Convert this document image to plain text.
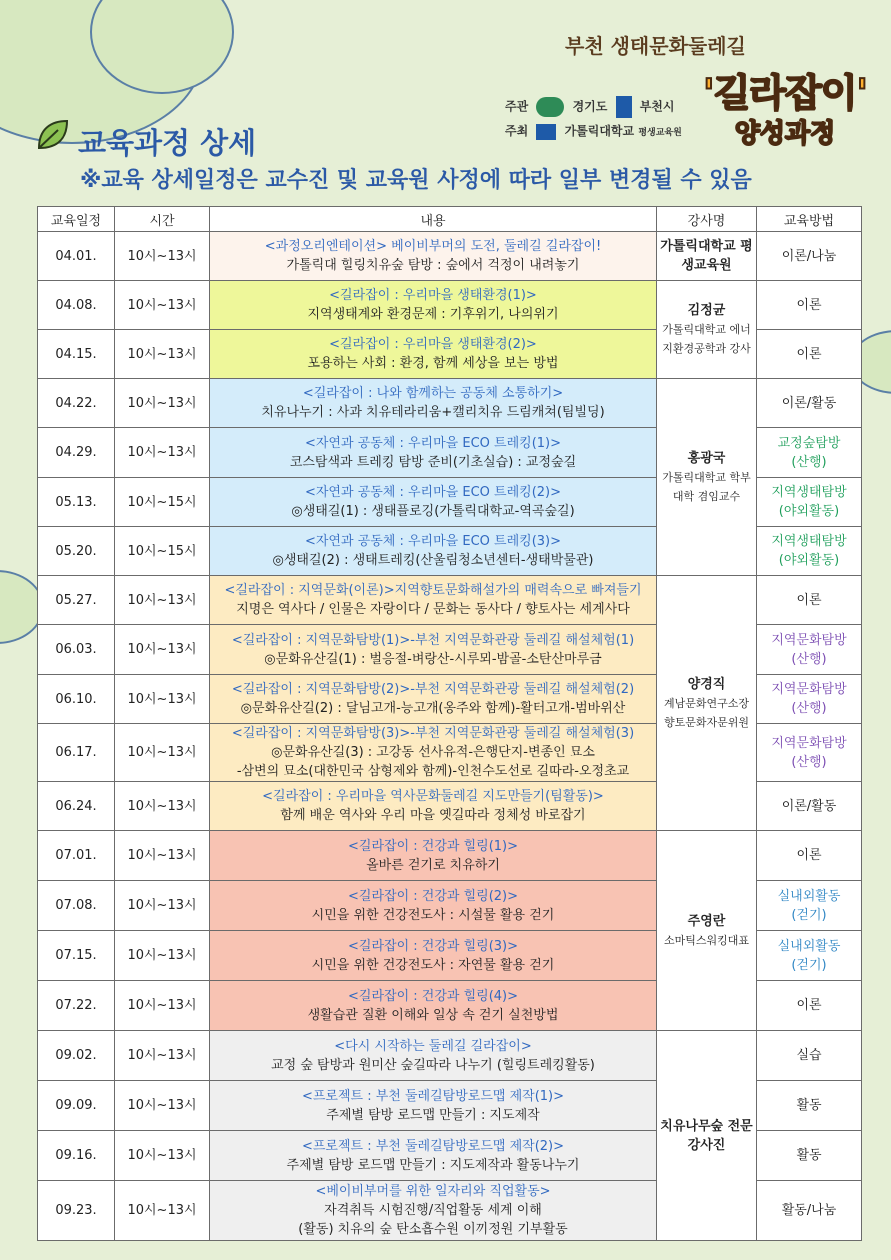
부천 생태문화둘레길
'길라잡이'
양성과정
주관	경기도	부천시
주최	가톨릭대학교 평생교육원
교육과정 상세
※교육 상세일정은 교수진 및 교육원 사정에 따라 일부 변경될 수 있음
교육일정	시간	내용	강사명	교육방법
04.01.	10시~13시	<과정오리엔테이션> 베이비부머의 도전, 둘레길 길라잡이!
가톨릭대 힐링치유숲 탐방 : 숲에서 걱정이 내려놓기	가톨릭대학교 평생교육원	이론/나눔
04.08.	10시~13시	<길라잡이 : 우리마을 생태환경(1)>
지역생태계와 환경문제 : 기후위기, 나의위기	김정균
가톨릭대학교 에너지환경공학과 강사	이론
04.15.	10시~13시	<길라잡이 : 우리마을 생태환경(2)>
포용하는 사회 : 환경, 함께 세상을 보는 방법		이론
04.22.	10시~13시	<길라잡이 : 나와 함께하는 공동체 소통하기>
치유나누기 : 사과 치유테라리움+캘리치유 드림캐쳐(팀빌딩)	홍광국
가톨릭대학교 학부대학 겸임교수	이론/활동
04.29.	10시~13시	<자연과 공동체 : 우리마을 ECO 트레킹(1)>
코스탐색과 트레킹 탐방 준비(기초실습) : 교정숲길		교정숲탐방
(산행)
05.13.	10시~15시	<자연과 공동체 : 우리마을 ECO 트레킹(2)>
◎생태길(1) : 생태플로깅(가톨릭대학교-역곡숲길)		지역생태탐방
(야외활동)
05.20.	10시~15시	<자연과 공동체 : 우리마을 ECO 트레킹(3)>
◎생태길(2) : 생태트레킹(산울림청소년센터-생태박물관)		지역생태탐방
(야외활동)
05.27.	10시~13시	<길라잡이 : 지역문화(이론)>지역향토문화해설가의 매력속으로 빠져들기
지명은 역사다 / 인물은 자랑이다 / 문화는 동사다 / 향토사는 세계사다	양경직
계남문화연구소장 향토문화자문위원	이론
06.03.	10시~13시	<길라잡이 : 지역문화탐방(1)>-부천 지역문화관광 둘레길 해설체험(1)
◎문화유산길(1) : 벌응절-벼랑산-시루뫼-밤골-소탄산마루금		지역문화탐방
(산행)
06.10.	10시~13시	<길라잡이 : 지역문화탐방(2)>-부천 지역문화관광 둘레길 해설체험(2)
◎문화유산길(2) : 달님고개-능고개(옹주와 함께)-활터고개-범바위산		지역문화탐방
(산행)
06.17.	10시~13시	<길라잡이 : 지역문화탐방(3)>-부천 지역문화관광 둘레길 해설체험(3)
◎문화유산길(3) : 고강동 선사유적-은행단지-변종인 묘소
-삼변의 묘소(대한민국 삼형제와 함께)-인천수도선로 길따라-오정초교		지역문화탐방
(산행)
06.24.	10시~13시	<길라잡이 : 우리마을 역사문화둘레길 지도만들기(팀활동)>
함께 배운 역사와 우리 마을 옛길따라 정체성 바로잡기		이론/활동
07.01.	10시~13시	<길라잡이 : 건강과 힐링(1)>
올바른 걷기로 치유하기	주영란
소마틱스워킹대표	이론
07.08.	10시~13시	<길라잡이 : 건강과 힐링(2)>
시민을 위한 건강전도사 : 시설물 활용 걷기		실내외활동
(걷기)
07.15.	10시~13시	<길라잡이 : 건강과 힐링(3)>
시민을 위한 건강전도사 : 자연물 활용 걷기		실내외활동
(걷기)
07.22.	10시~13시	<길라잡이 : 건강과 힐링(4)>
생활습관 질환 이해와 일상 속 걷기 실천방법		이론
09.02.	10시~13시	<다시 시작하는 둘레길 길라잡이>
교정 숲 탐방과 원미산 숲길따라 나누기 (힐링트레킹활동)	치유나무숲 전문강사진	실습
09.09.	10시~13시	<프로젝트 : 부천 둘레길탐방로드맵 제작(1)>
주제별 탐방 로드맵 만들기 : 지도제작		활동
09.16.	10시~13시	<프로젝트 : 부천 둘레길탐방로드맵 제작(2)>
주제별 탐방 로드맵 만들기 : 지도제작과 활동나누기		활동
09.23.	10시~13시	<베이비부머를 위한 일자리와 직업활동>
자격취득 시험진행/직업활동 세계 이해
(활동) 치유의 숲 탄소흡수원 이끼정원 기부활동		활동/나눔
